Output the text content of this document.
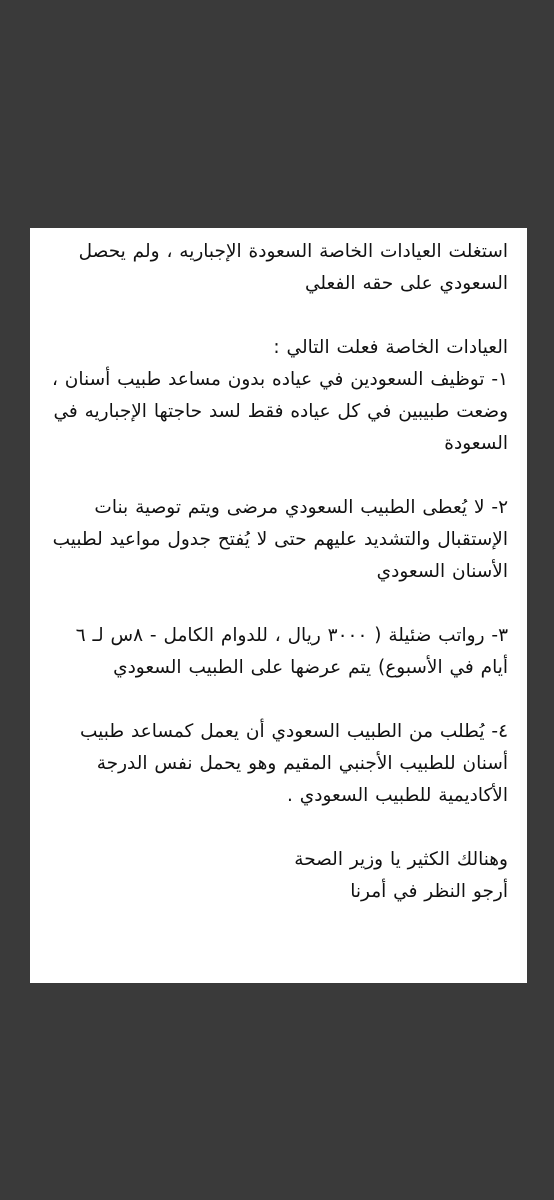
استغلت العيادات الخاصة السعودة الإجباريه ، ولم يحصل السعودي على حقه الفعلي

العيادات الخاصة فعلت التالي :

١- توظيف السعودين في عياده بدون مساعد طبيب أسنان ، وضعت طبيبين في كل عياده فقط لسد حاجتها الإجباريه في السعودة

٢- لا يُعطى الطبيب السعودي مرضى ويتم توصية بنات الإستقبال والتشديد عليهم حتى لا يُفتح جدول مواعيد لطبيب الأسنان السعودي

٣- رواتب ضئيلة ( ٣٠٠٠ ريال ، للدوام الكامل - ٨س لـ ٦ أيام في الأسبوع) يتم عرضها على الطبيب السعودي

٤- يُطلب من الطبيب السعودي أن يعمل كمساعد طبيب أسنان للطبيب الأجنبي المقيم وهو يحمل نفس الدرجة الأكاديمية للطبيب السعودي .

وهنالك الكثير يا وزير الصحة

أرجو النظر في أمرنا
